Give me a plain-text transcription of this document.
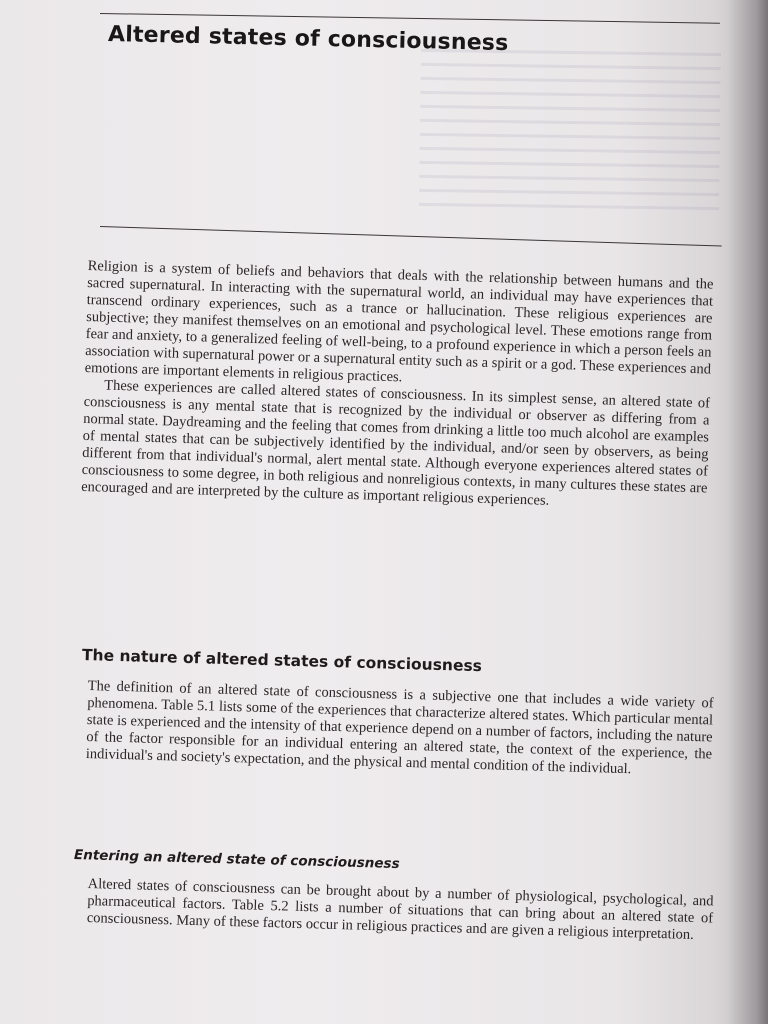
Altered states of consciousness

Religion is a system of beliefs and behaviors that deals with the relationship between humans and the sacred supernatural. In interacting with the supernatural world, an individual may have experiences that transcend ordinary experiences, such as a trance or hallucination. These religious experiences are subjective; they manifest themselves on an emotional and psychological level. These emotions range from fear and anxiety, to a generalized feeling of well-being, to a profound experience in which a person feels an association with supernatural power or a supernatural entity such as a spirit or a god. These experiences and emotions are important elements in religious practices.

These experiences are called altered states of consciousness. In its simplest sense, an altered state of consciousness is any mental state that is recognized by the individual or observer as differing from a normal state. Daydreaming and the feeling that comes from drinking a little too much alcohol are examples of mental states that can be subjectively identified by the individual, and/or seen by observers, as being different from that individual's normal, alert mental state. Although everyone experiences altered states of consciousness to some degree, in both religious and nonreligious contexts, in many cultures these states are encouraged and are interpreted by the culture as important religious experiences.

The nature of altered states of consciousness

The definition of an altered state of consciousness is a subjective one that includes a wide variety of phenomena. Table 5.1 lists some of the experiences that characterize altered states. Which particular mental state is experienced and the intensity of that experience depend on a number of factors, including the nature of the factor responsible for an individual entering an altered state, the context of the experience, the individual's and society's expectation, and the physical and mental condition of the individual.

Entering an altered state of consciousness

Altered states of consciousness can be brought about by a number of physiological, psychological, and pharmaceutical factors. Table 5.2 lists a number of situations that can bring about an altered state of consciousness. Many of these factors occur in religious practices and are given a religious interpretation.
